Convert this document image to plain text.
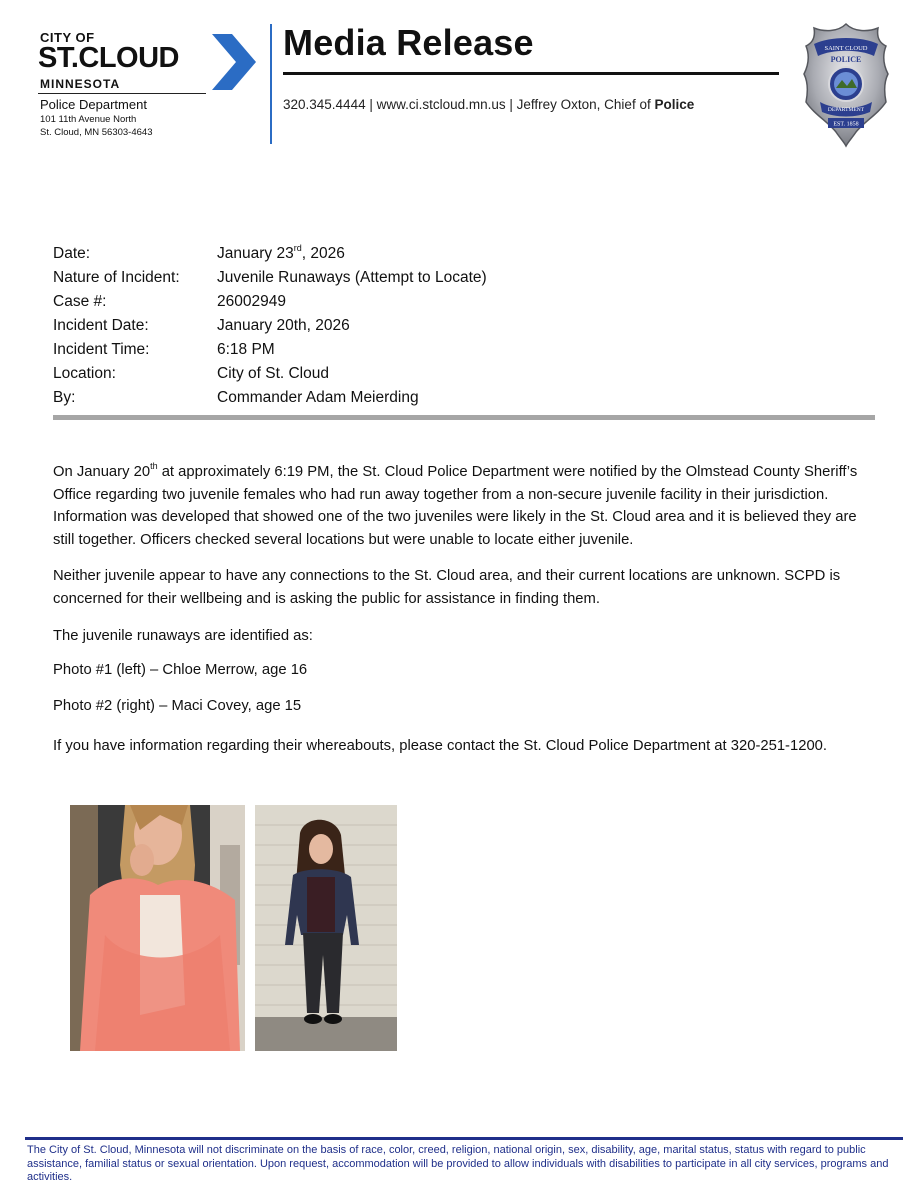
CITY OF
ST.CLOUD
MINNESOTA
Police Department
101 11th Avenue North
St. Cloud, MN 56303-4643
Media Release
320.345.4444 | www.ci.stcloud.mn.us | Jeffrey Oxton, Chief of Police
SAINT CLOUD
POLICE
DEPARTMENT
EST. 1858
Date:	January 23rd, 2026
Nature of Incident: Juvenile Runaways (Attempt to Locate)
Case #:	26002949
Incident Date:	January 20th, 2026
Incident Time:	6:18 PM
Location:	City of St. Cloud
By:	Commander Adam Meierding
On January 20th at approximately 6:19 PM, the St. Cloud Police Department were notified by the Olmstead County Sheriff’s Office regarding two juvenile females who had run away together from a non-secure juvenile facility in their jurisdiction. Information was developed that showed one of the two juveniles were likely in the St. Cloud area and it is believed they are still together. Officers checked several locations but were unable to locate either juvenile.
Neither juvenile appear to have any connections to the St. Cloud area, and their current locations are unknown. SCPD is concerned for their wellbeing and is asking the public for assistance in finding them.
The juvenile runaways are identified as:
Photo #1 (left) – Chloe Merrow, age 16
Photo #2 (right) – Maci Covey, age 15
If you have information regarding their whereabouts, please contact the St. Cloud Police Department at 320-251-1200.
The City of St. Cloud, Minnesota will not discriminate on the basis of race, color, creed, religion, national origin, sex, disability, age, marital status, status with regard to public assistance, familial status or sexual orientation. Upon request, accommodation will be provided to allow individuals with disabilities to participate in all city services, programs and activities.
